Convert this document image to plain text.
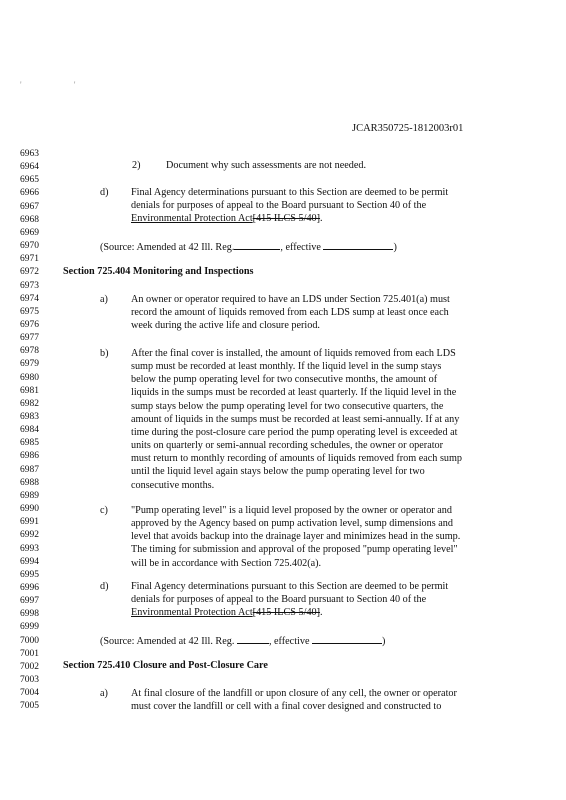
' '
JCAR350725-1812003r01
2)	Document why such assessments are not needed.
d) Final Agency determinations pursuant to this Section are deemed to be permit
denials for purposes of appeal to the Board pursuant to Section 40 of the
Environmental Protection Act[415 ILCS 5/40].
(Source: Amended at 42 Ill. Reg.	, effective	)
Section 725.404 Monitoring and Inspections
a)
b)
c)
d) Final Agency determinations pursuant to this Section are deemed to be permit
denials for purposes of appeal to the Board pursuant to Section 40 of the
Environmental Protection Act[415 ILCS 5/40].
(Source: Amended at 42 Ill. Reg.	, effective	)
Section 725.410 Closure and Post-Closure Care
a)
6963
6964
6965
6966
6967
6968
6969
6970
6971
6972
6973
6974
6975
6976
6977
6978
6979
6980
6981
6982
6983
6984
6985
6986
6987
6988
6989
6990
6991
6992
6993
6994
6995
6996
6997
6998
6999
7000
7001
7002
7003
7004
7005
An owner or operator required to have an LDS under Section 725.401(a) must
record the amount of liquids removed from each LDS sump at least once each
week during the active life and closure period.
After the final cover is installed, the amount of liquids removed from each LDS
sump must be recorded at least monthly. If the liquid level in the sump stays
below the pump operating level for two consecutive months, the amount of
liquids in the sumps must be recorded at least quarterly. If the liquid level in the
sump stays below the pump operating level for two consecutive quarters, the
amount of liquids in the sumps must be recorded at least semi-annually. If at any
time during the post-closure care period the pump operating level is exceeded at
units on quarterly or semi-annual recording schedules, the owner or operator
must return to monthly recording of amounts of liquids removed from each sump
until the liquid level again stays below the pump operating level for two
consecutive months.
"Pump operating level" is a liquid level proposed by the owner or operator and
approved by the Agency based on pump activation level, sump dimensions and
level that avoids backup into the drainage layer and minimizes head in the sump.
The timing for submission and approval of the proposed "pump operating level"
will be in accordance with Section 725.402(a).
At final closure of the landfill or upon closure of any cell, the owner or operator
must cover the landfill or cell with a final cover designed and constructed to
